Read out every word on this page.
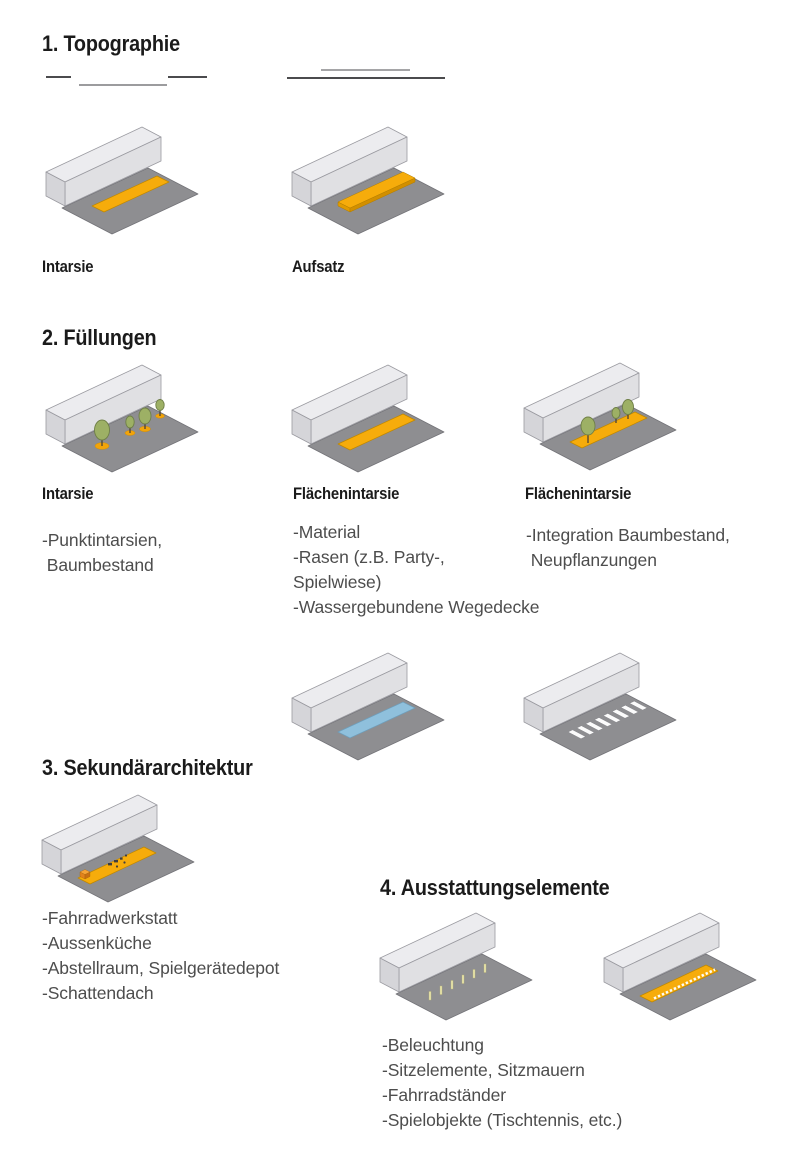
1. Topographie
Intarsie	Aufsatz
2. Füllungen
Intarsie	Flächenintarsie	Flächenintarsie
-Punktintarsien,
Baumbestand
-Material
-Rasen (z.B. Party-,
Spielwiese)
-Wassergebundene Wegedecke
-Integration Baumbestand,
Neupflanzungen
3. Sekundärarchitektur
-Fahrradwerkstatt
-Aussenküche
-Abstellraum, Spielgerätedepot
-Schattendach
4. Ausstattungselemente
-Beleuchtung
-Sitzelemente, Sitzmauern
-Fahrradständer
-Spielobjekte (Tischtennis, etc.)
